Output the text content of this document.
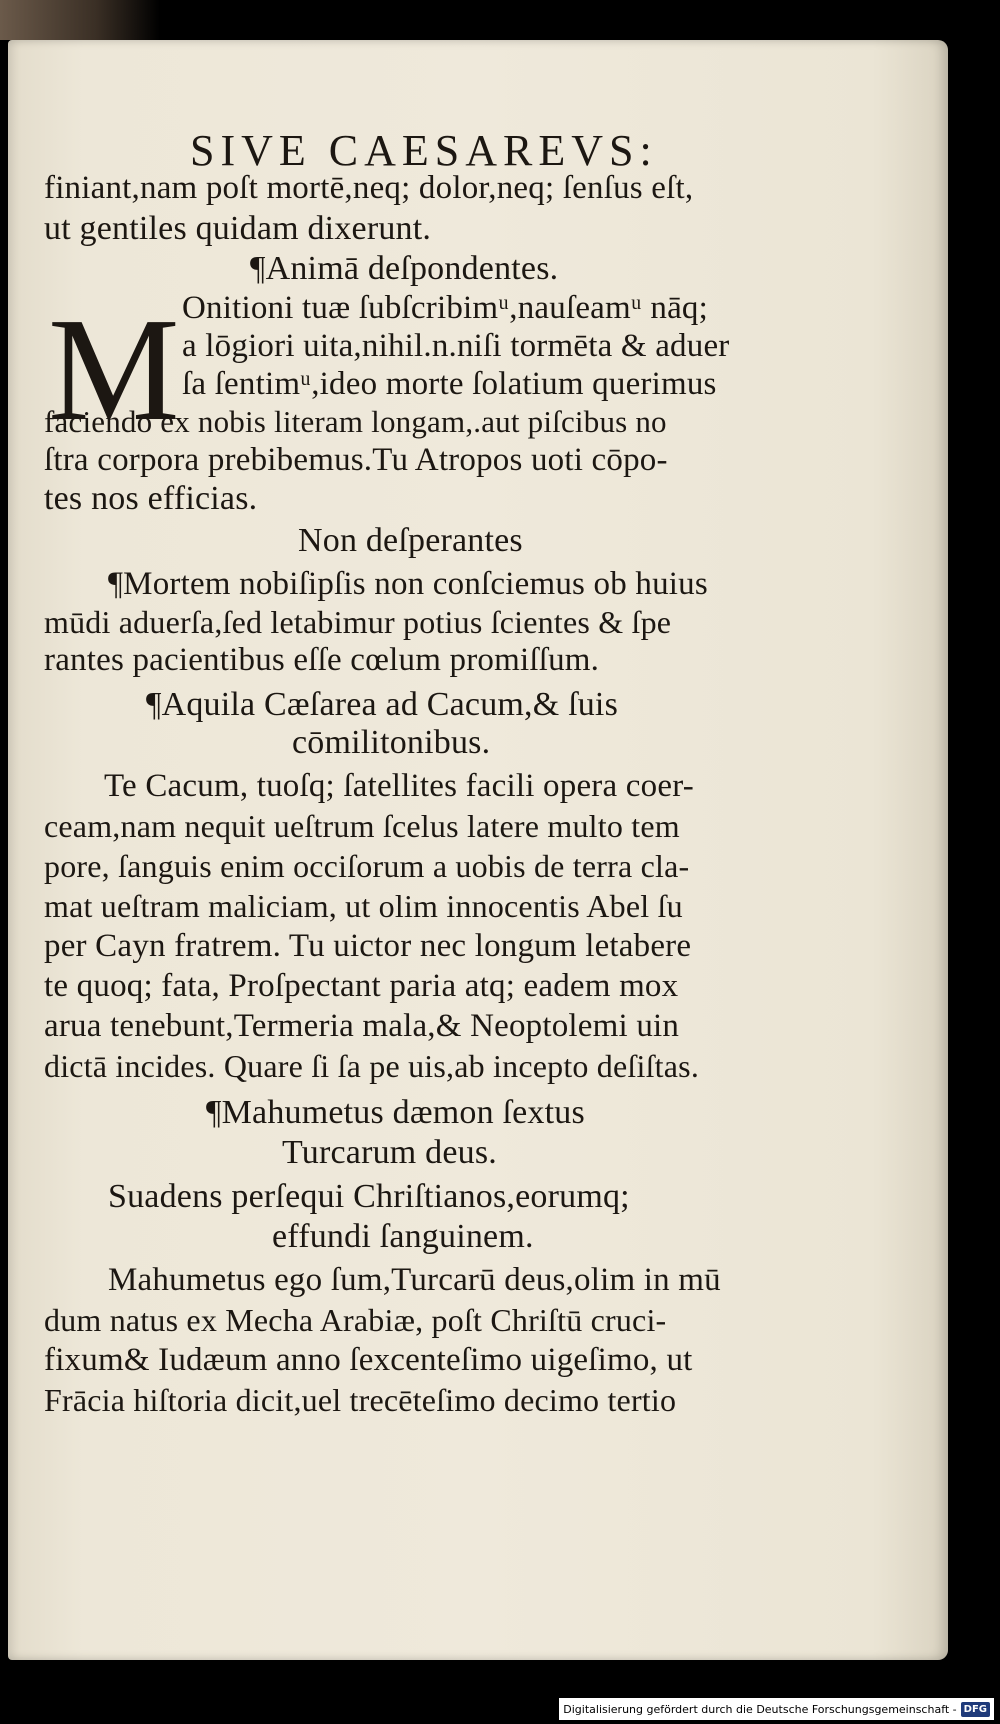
SIVE CAESAREVS:
M
finiant,nam poſt mortē,neq; dolor,neq; ſenſus eſt,
ut gentiles quidam dixerunt.
¶Animā deſpondentes.
Onitioni tuæ ſubſcribimᵘ,nauſeamᵘ nāq;
a lōgiori uita,nihil.n.niſi tormēta & aduer
ſa ſentimᵘ,ideo morte ſolatium querimus
faciendo ex nobis literam longam,.aut piſcibus no
ſtra corpora prebibemus.Tu Atropos uoti cōpo-
tes nos efficias.
Non deſperantes
¶Mortem nobiſipſis non conſciemus ob huius
mūdi aduerſa,ſed letabimur potius ſcientes & ſpe
rantes pacientibus eſſe cœlum promiſſum.
¶Aquila Cæſarea ad Cacum,& ſuis
cōmilitonibus.
Te Cacum, tuoſq; ſatellites facili opera coer-
ceam,nam nequit ueſtrum ſcelus latere multo tem
pore, ſanguis enim occiſorum a uobis de terra cla-
mat ueſtram maliciam, ut olim innocentis Abel ſu
per Cayn fratrem. Tu uictor nec longum letabere
te quoq; fata, Proſpectant paria atq; eadem mox
arua tenebunt,Termeria mala,& Neoptolemi uin
dictā incides. Quare ſi ſa pe uis,ab incepto deſiſtas.
¶Mahumetus dæmon ſextus
Turcarum deus.
Suadens perſequi Chriſtianos,eorumq;
effundi ſanguinem.
Mahumetus ego ſum,Turcarū deus,olim in mū
dum natus ex Mecha Arabiæ, poſt Chriſtū cruci-
fixum& Iudæum anno ſexcenteſimo uigeſimo, ut
Frācia hiſtoria dicit,uel trecēteſimo decimo tertio
Digitalisierung gefördert durch die Deutsche Forschungsgemeinschaft - DFG
